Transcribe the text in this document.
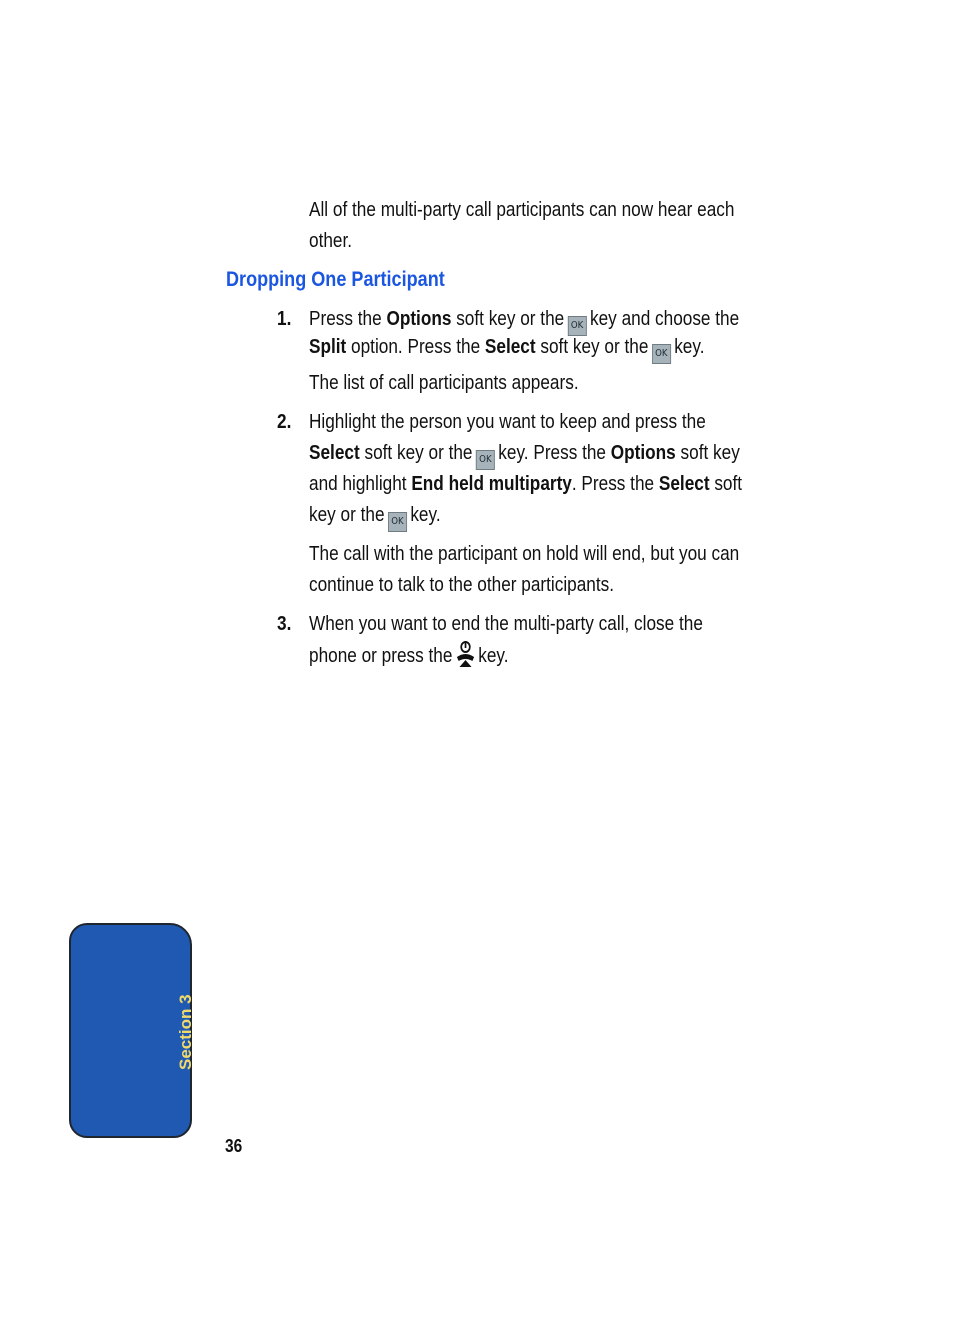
All of the multi-party call participants can now hear each

other.

Dropping One Participant
1. Press the Options soft key or the OK key and choose the

Split option. Press the Select soft key or the OK key.

The list of call participants appears.

2. Highlight the person you want to keep and press the

Select soft key or the OK key. Press the Options soft key

and highlight End held multiparty. Press the Select soft

key or the OK key.

The call with the participant on hold will end, but you can

continue to talk to the other participants.

3. When you want to end the multi-party call, close the

phone or press the key.

Section 3
36
